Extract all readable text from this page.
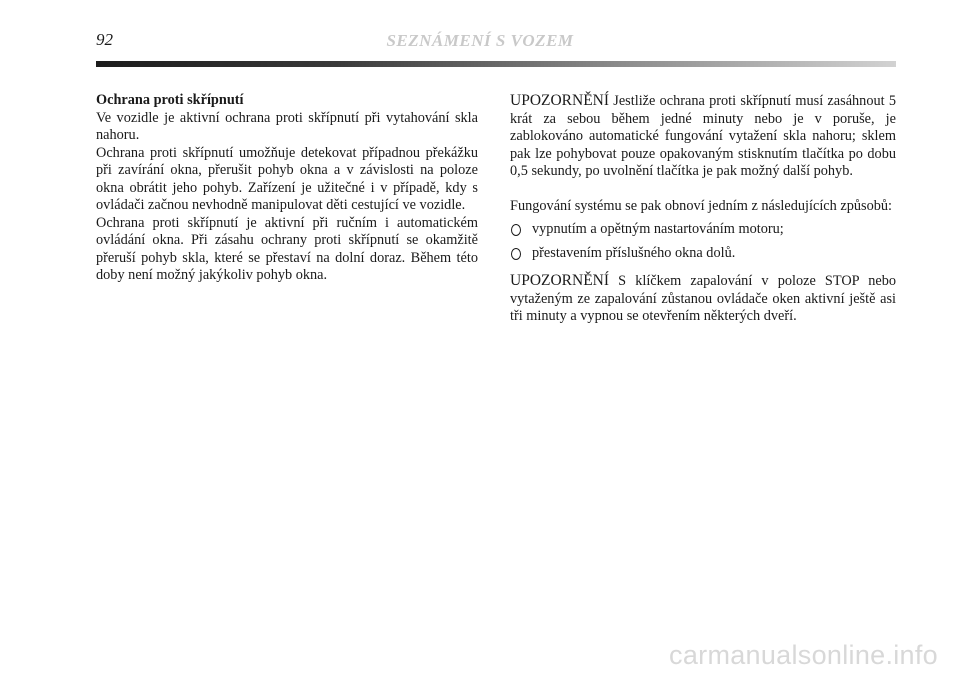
92	SEZNÁMENÍ S VOZEM

Ochrana proti skřípnutí

Ve vozidle je aktivní ochrana proti skřípnutí při vytahování skla nahoru.

Ochrana proti skřípnutí umožňuje detekovat případnou překážku při zavírání okna, přerušit pohyb okna a v závislosti na poloze okna obrátit jeho pohyb. Zařízení je užitečné i v případě, kdy s ovládači začnou nevhodně manipulovat děti cestující ve vozidle.

Ochrana proti skřípnutí je aktivní při ručním i automatickém ovládání okna. Při zásahu ochrany proti skřípnutí se okamžitě přeruší pohyb skla, které se přestaví na dolní doraz. Během této doby není možný jakýkoliv pohyb okna.

UPOZORNĚNÍ Jestliže ochrana proti skřípnutí musí zasáhnout 5 krát za sebou během jedné minuty nebo je v poruše, je zablokováno automatické fungování vytažení skla nahoru; sklem pak lze pohybovat pouze opakovaným stisknutím tlačítka po dobu 0,5 sekundy, po uvolnění tlačítka je pak možný další pohyb.

Fungování systému se pak obnoví jedním z následujících způsobů:

vypnutím a opětným nastartováním motoru;
přestavením příslušného okna dolů.

UPOZORNĚNÍ S klíčkem zapalování v poloze STOP nebo vytaženým ze zapalování zůstanou ovládače oken aktivní ještě asi tři minuty a vypnou se otevřením některých dveří.

carmanualsonline.info
